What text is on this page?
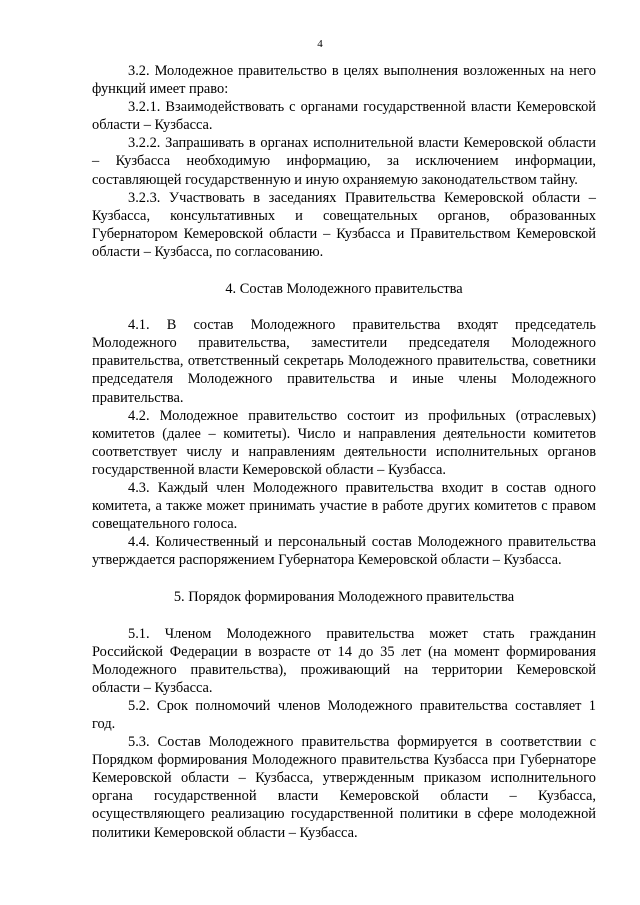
4

3.2. Молодежное правительство в целях выполнения возложенных на него функций имеет право:

3.2.1. Взаимодействовать с органами государственной власти Кемеровской области – Кузбасса.

3.2.2. Запрашивать в органах исполнительной власти Кемеровской области – Кузбасса необходимую информацию, за исключением информации, составляющей государственную и иную охраняемую законодательством тайну.

3.2.3. Участвовать в заседаниях Правительства Кемеровской области – Кузбасса, консультативных и совещательных органов, образованных Губернатором Кемеровской области – Кузбасса и Правительством Кемеровской области – Кузбасса, по согласованию.

4. Состав Молодежного правительства

4.1. В состав Молодежного правительства входят председатель Молодежного правительства, заместители председателя Молодежного правительства, ответственный секретарь Молодежного правительства, советники председателя Молодежного правительства и иные члены Молодежного правительства.

4.2. Молодежное правительство состоит из профильных (отраслевых) комитетов (далее – комитеты). Число и направления деятельности комитетов соответствует числу и направлениям деятельности исполнительных органов государственной власти Кемеровской области – Кузбасса.

4.3. Каждый член Молодежного правительства входит в состав одного комитета, а также может принимать участие в работе других комитетов с правом совещательного голоса.

4.4. Количественный и персональный состав Молодежного правительства утверждается распоряжением Губернатора Кемеровской области – Кузбасса.

5. Порядок формирования Молодежного правительства

5.1. Членом Молодежного правительства может стать гражданин Российской Федерации в возрасте от 14 до 35 лет (на момент формирования Молодежного правительства), проживающий на территории Кемеровской области – Кузбасса.

5.2. Срок полномочий членов Молодежного правительства составляет 1 год.

5.3. Состав Молодежного правительства формируется в соответствии с Порядком формирования Молодежного правительства Кузбасса при Губернаторе Кемеровской области – Кузбасса, утвержденным приказом исполнительного органа государственной власти Кемеровской области – Кузбасса, осуществляющего реализацию государственной политики в сфере молодежной политики Кемеровской области – Кузбасса.
